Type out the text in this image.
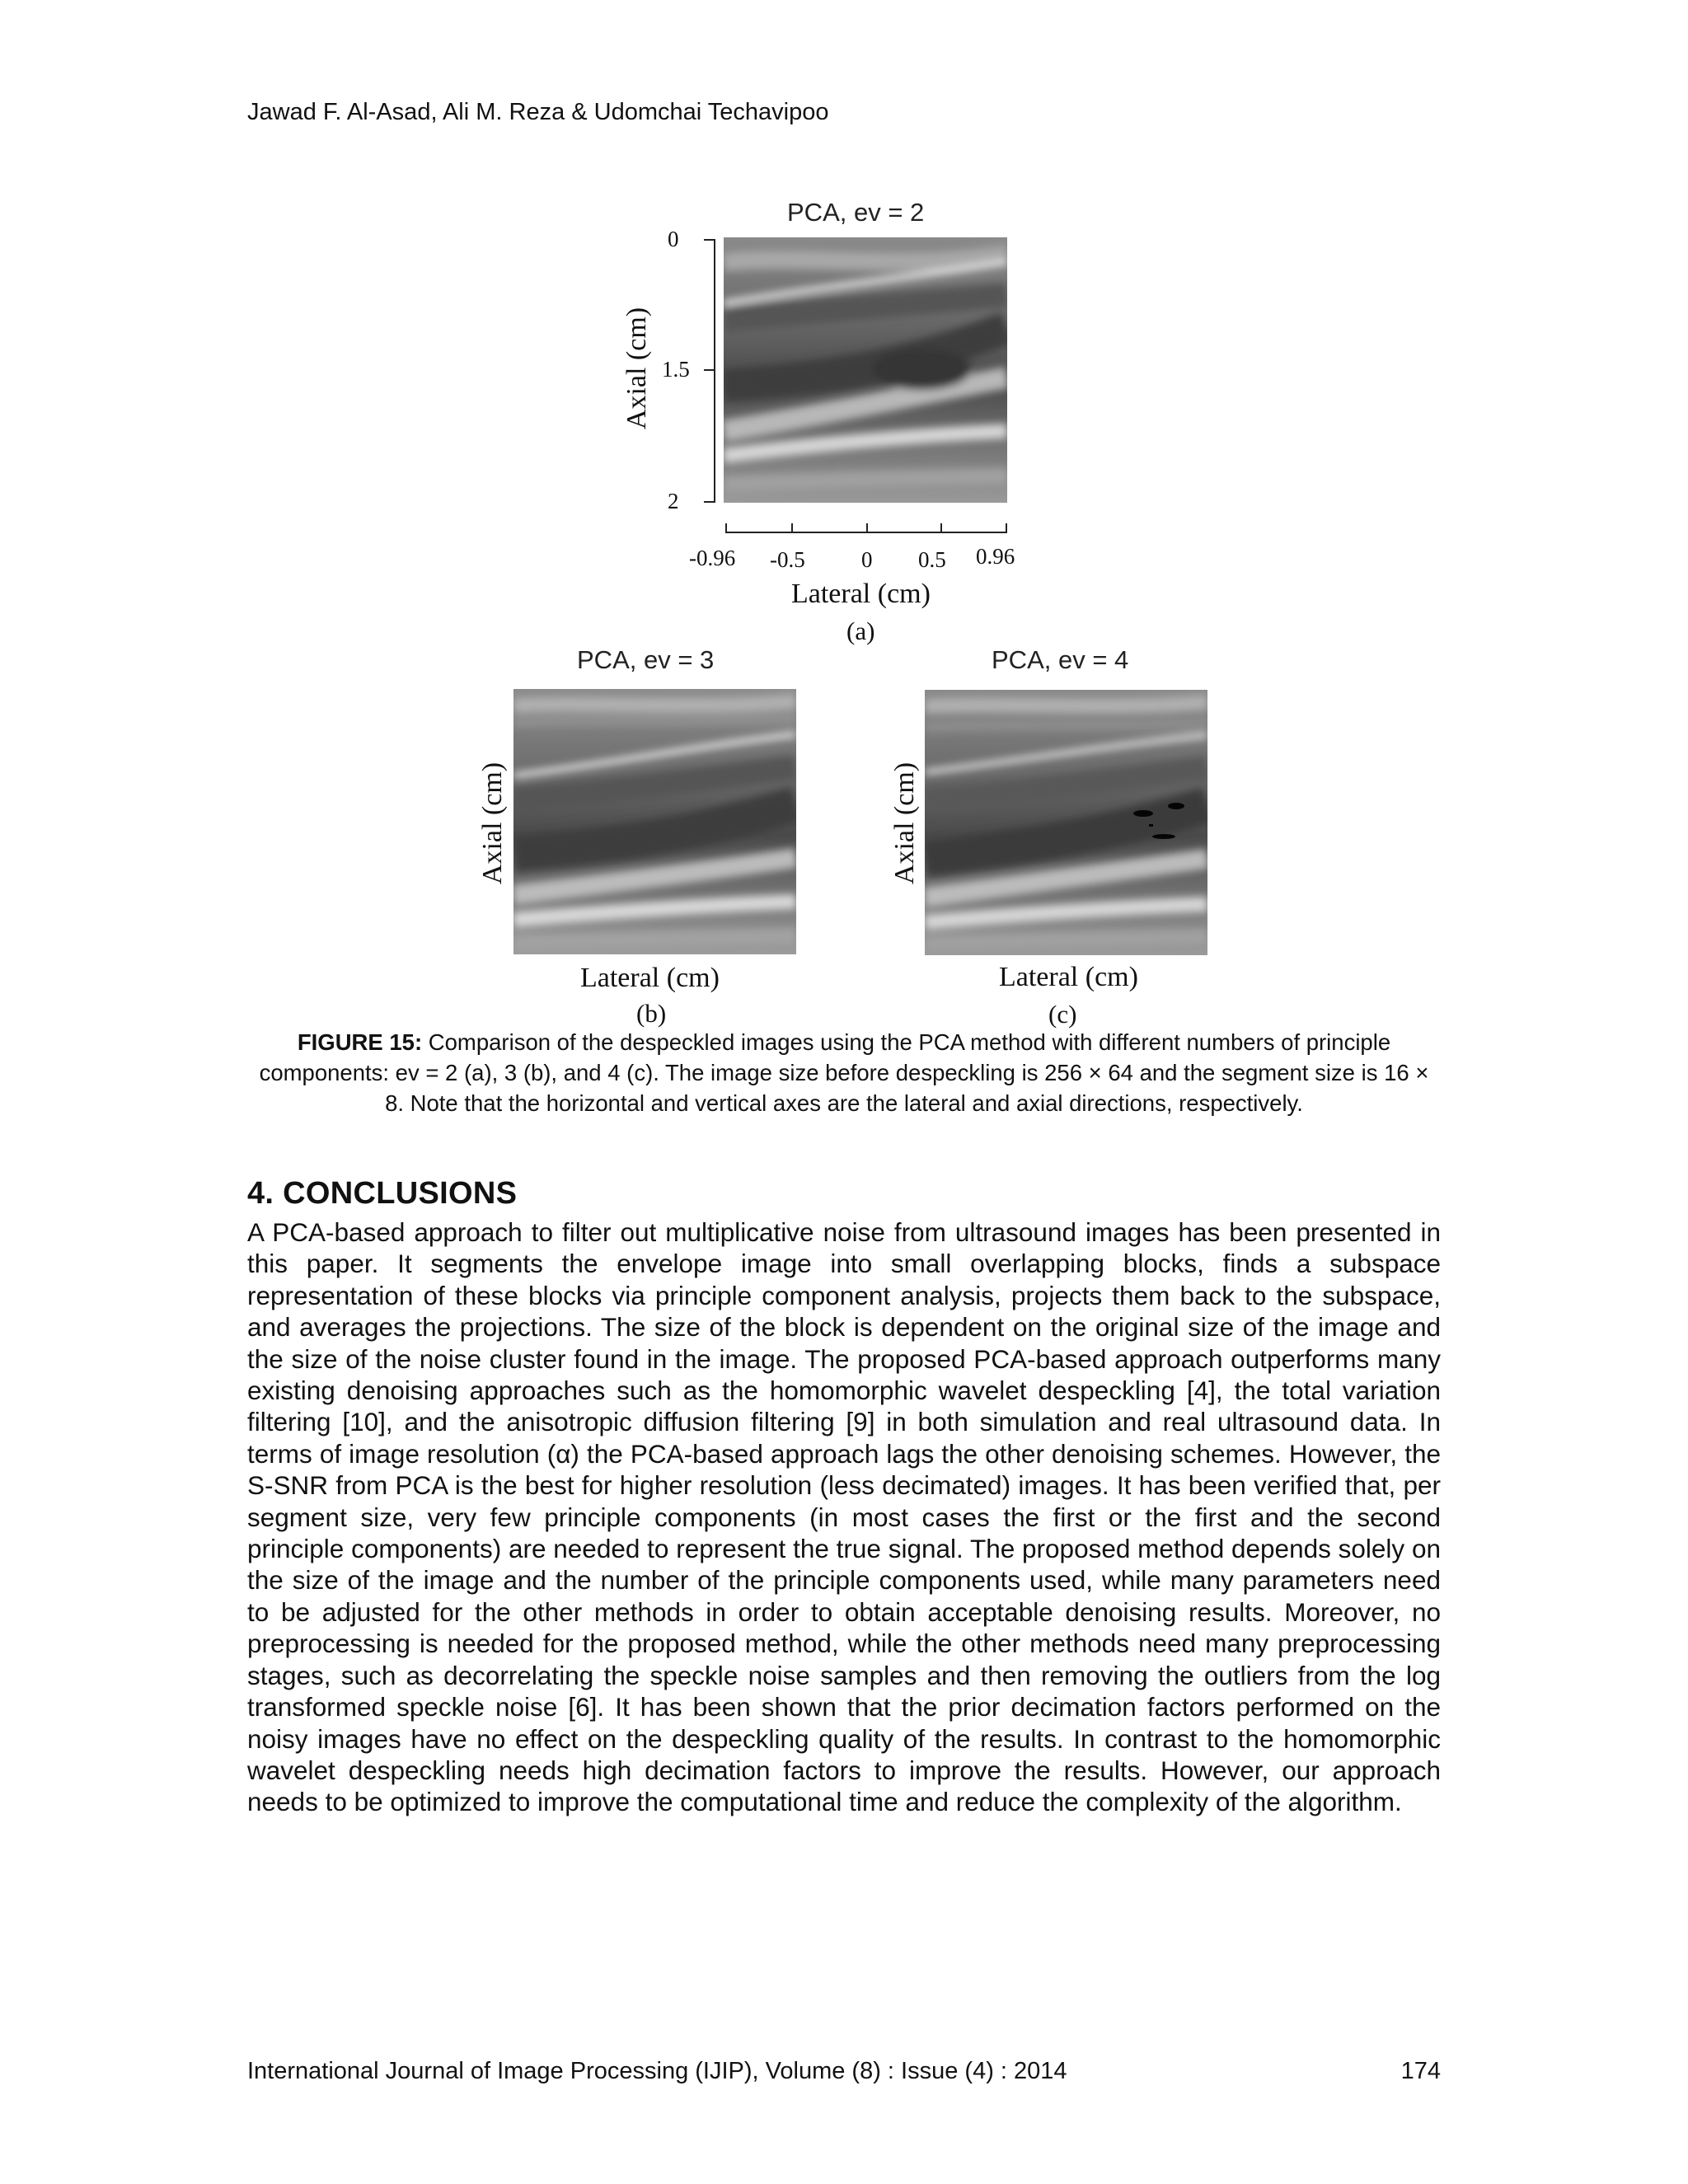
Jawad F. Al-Asad, Ali M. Reza & Udomchai Techavipoo
PCA, ev = 2
0
1.5
2
Axial (cm)
-0.96 -0.5	0 0.5 0.96
Lateral (cm)
(a)
PCA, ev = 3
Axial (cm)
Lateral (cm)
(b)
PCA, ev = 4
Axial (cm)
Lateral (cm)
(c)
FIGURE 15: Comparison of the despeckled images using the PCA method with different numbers of principle components: ev = 2 (a), 3 (b), and 4 (c). The image size before despeckling is 256 × 64 and the segment size is 16 × 8. Note that the horizontal and vertical axes are the lateral and axial directions, respectively.
4. CONCLUSIONS
A PCA-based approach to filter out multiplicative noise from ultrasound images has been presented in this paper. It segments the envelope image into small overlapping blocks, finds a subspace representation of these blocks via principle component analysis, projects them back to the subspace, and averages the projections. The size of the block is dependent on the original size of the image and the size of the noise cluster found in the image. The proposed PCA-based approach outperforms many existing denoising approaches such as the homomorphic wavelet despeckling [4], the total variation filtering [10], and the anisotropic diffusion filtering [9] in both simulation and real ultrasound data. In terms of image resolution (α) the PCA-based approach lags the other denoising schemes. However, the S-SNR from PCA is the best for higher resolution (less decimated) images. It has been verified that, per segment size, very few principle components (in most cases the first or the first and the second principle components) are needed to represent the true signal. The proposed method depends solely on the size of the image and the number of the principle components used, while many parameters need to be adjusted for the other methods in order to obtain acceptable denoising results. Moreover, no preprocessing is needed for the proposed method, while the other methods need many preprocessing stages, such as decorrelating the speckle noise samples and then removing the outliers from the log transformed speckle noise [6]. It has been shown that the prior decimation factors performed on the noisy images have no effect on the despeckling quality of the results. In contrast to the homomorphic wavelet despeckling needs high decimation factors to improve the results. However, our approach needs to be optimized to improve the computational time and reduce the complexity of the algorithm.
International Journal of Image Processing (IJIP), Volume (8) : Issue (4) : 2014	174
